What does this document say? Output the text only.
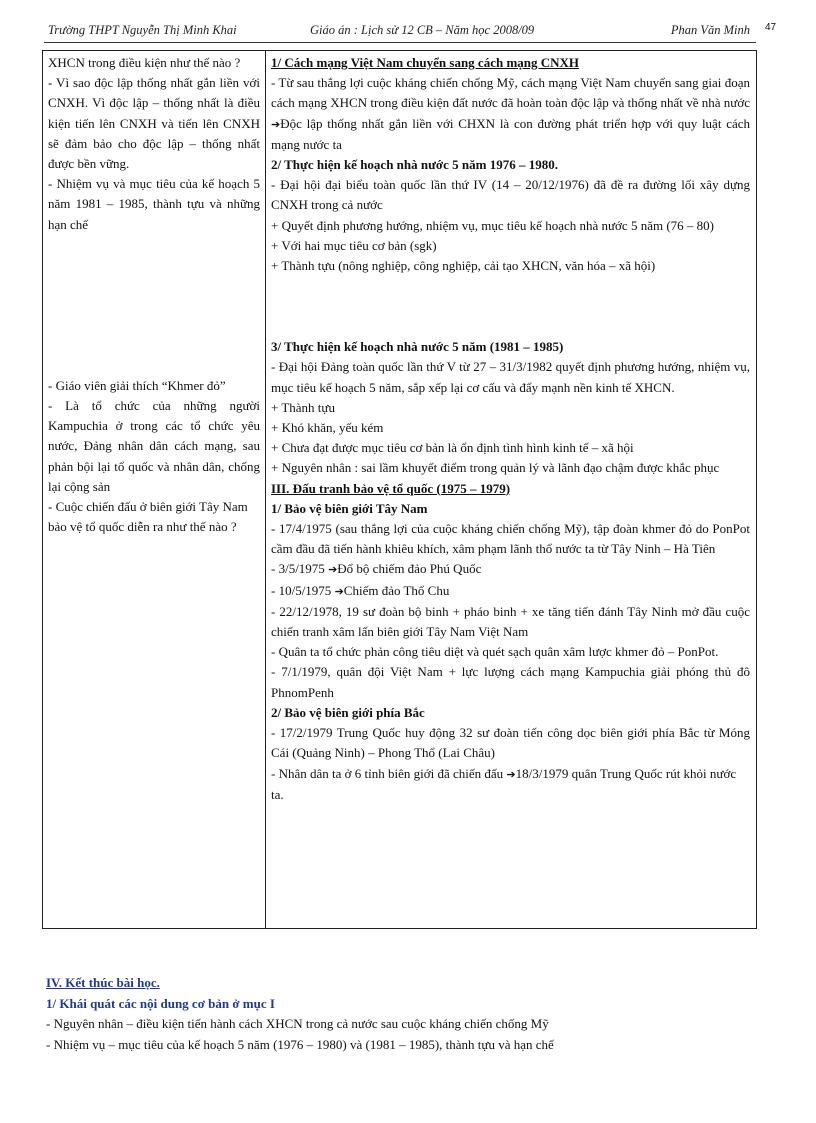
47
Trường THPT Nguyễn Thị Minh Khai	Giáo án : Lịch sử 12 CB – Năm học 2008/09	Phan Văn Minh

XHCN trong điều kiện như thế nào ?

- Vì sao độc lập thống nhất gắn liền với CNXH. Vì độc lập – thống nhất là điều kiện tiến lên CNXH và tiến lên CNXH sẽ đảm bảo cho độc lập – thống nhất được bền vững.

- Nhiệm vụ và mục tiêu của kế hoạch 5 năm 1981 – 1985, thành tựu và những hạn chế

- Giáo viên giải thích “Khmer đỏ”

- Là tổ chức của những người Kampuchia ở trong các tổ chức yêu nước, Đảng nhân dân cách mạng, sau phản bội lại tổ quốc và nhân dân, chống lại cộng sản

- Cuộc chiến đấu ở biên giới Tây Nam bảo vệ tổ quốc diễn ra như thế nào ?

1/ Cách mạng Việt Nam chuyển sang cách mạng CNXH

- Từ sau thắng lợi cuộc kháng chiến chống Mỹ, cách mạng Việt Nam chuyển sang giai đoạn cách mạng XHCN trong điều kiện đất nước đã hoàn toàn độc lập và thống nhất về nhà nước ➔Độc lập thống nhất gắn liền với CHXN là con đường phát triển hợp với quy luật cách mạng nước ta

2/ Thực hiện kế hoạch nhà nước 5 năm 1976 – 1980.

- Đại hội đại biểu toàn quốc lần thứ IV (14 – 20/12/1976) đã đề ra đường lối xây dựng CNXH trong cả nước

+ Quyết định phương hướng, nhiệm vụ, mục tiêu kế hoạch nhà nước 5 năm (76 – 80)

+ Với hai mục tiêu cơ bản (sgk)

+ Thành tựu (nông nghiệp, công nghiệp, cải tạo XHCN, văn hóa – xã hội)

3/ Thực hiện kế hoạch nhà nước 5 năm (1981 – 1985)

- Đại hội Đảng toàn quốc lần thứ V từ 27 – 31/3/1982 quyết định phương hướng, nhiệm vụ, mục tiêu kế hoạch 5 năm, sắp xếp lại cơ cấu và đẩy mạnh nền kinh tế XHCN.

+ Thành tựu

+ Khó khăn, yếu kém

+ Chưa đạt được mục tiêu cơ bản là ổn định tình hình kinh tế – xã hội

+ Nguyên nhân : sai lầm khuyết điểm trong quản lý và lãnh đạo chậm được khắc phục

III. Đấu tranh bảo vệ tổ quốc (1975 – 1979)

1/ Bảo vệ biên giới Tây Nam

- 17/4/1975 (sau thắng lợi của cuộc kháng chiến chống Mỹ), tập đoàn khmer đỏ do PonPot cầm đầu đã tiến hành khiêu khích, xâm phạm lãnh thổ nước ta từ Tây Ninh – Hà Tiên

- 3/5/1975 ➔Đổ bộ chiếm đảo Phú Quốc

- 10/5/1975 ➔Chiếm đảo Thổ Chu

- 22/12/1978, 19 sư đoàn bộ binh + pháo binh + xe tăng tiến đánh Tây Ninh mở đầu cuộc chiến tranh xâm lấn biên giới Tây Nam Việt Nam

- Quân ta tổ chức phản công tiêu diệt và quét sạch quân xâm lược khmer đỏ – PonPot.

- 7/1/1979, quân đội Việt Nam + lực lượng cách mạng Kampuchia giải phóng thủ đô PhnomPenh

2/ Bảo vệ biên giới phía Bắc

- 17/2/1979 Trung Quốc huy động 32 sư đoàn tiến công dọc biên giới phía Bắc từ Móng Cái (Quảng Ninh) – Phong Thổ (Lai Châu)

- Nhân dân ta ở 6 tỉnh biên giới đã chiến đấu ➔18/3/1979 quân Trung Quốc rút khỏi nước ta.

IV. Kết thúc bài học.

1/ Khái quát các nội dung cơ bản ở mục I

- Nguyên nhân – điều kiện tiến hành cách XHCN trong cả nước sau cuộc kháng chiến chống Mỹ

- Nhiệm vụ – mục tiêu của kế hoạch 5 năm (1976 – 1980) và (1981 – 1985), thành tựu và hạn chế
